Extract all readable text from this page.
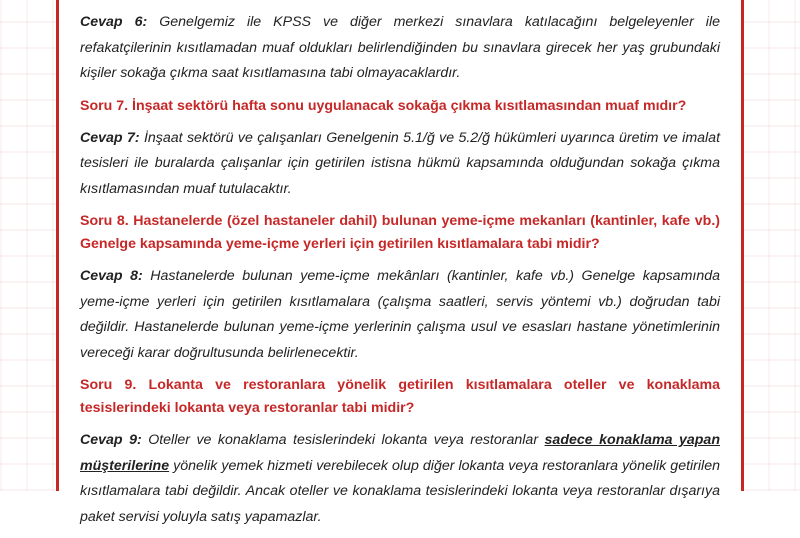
Cevap 6: Genelgemiz ile KPSS ve diğer merkezi sınavlara katılacağını belgeleyenler ile refakatçilerinin kısıtlamadan muaf oldukları belirlendiğinden bu sınavlara girecek her yaş grubundaki kişiler sokağa çıkma saat kısıtlamasına tabi olmayacaklardır.

Soru 7. İnşaat sektörü hafta sonu uygulanacak sokağa çıkma kısıtlamasından muaf mıdır?

Cevap 7: İnşaat sektörü ve çalışanları Genelgenin 5.1/ğ ve 5.2/ğ hükümleri uyarınca üretim ve imalat tesisleri ile buralarda çalışanlar için getirilen istisna hükmü kapsamında olduğundan sokağa çıkma kısıtlamasından muaf tutulacaktır.

Soru 8. Hastanelerde (özel hastaneler dahil) bulunan yeme-içme mekanları (kantinler, kafe vb.) Genelge kapsamında yeme-içme yerleri için getirilen kısıtlamalara tabi midir?

Cevap 8: Hastanelerde bulunan yeme-içme mekânları (kantinler, kafe vb.) Genelge kapsamında yeme-içme yerleri için getirilen kısıtlamalara (çalışma saatleri, servis yöntemi vb.) doğrudan tabi değildir. Hastanelerde bulunan yeme-içme yerlerinin çalışma usul ve esasları hastane yönetimlerinin vereceği karar doğrultusunda belirlenecektir.

Soru 9. Lokanta ve restoranlara yönelik getirilen kısıtlamalara oteller ve konaklama tesislerindeki lokanta veya restoranlar tabi midir?

Cevap 9: Oteller ve konaklama tesislerindeki lokanta veya restoranlar sadece konaklama yapan müşterilerine yönelik yemek hizmeti verebilecek olup diğer lokanta veya restoranlara yönelik getirilen kısıtlamalara tabi değildir. Ancak oteller ve konaklama tesislerindeki lokanta veya restoranlar dışarıya paket servisi yoluyla satış yapamazlar.
